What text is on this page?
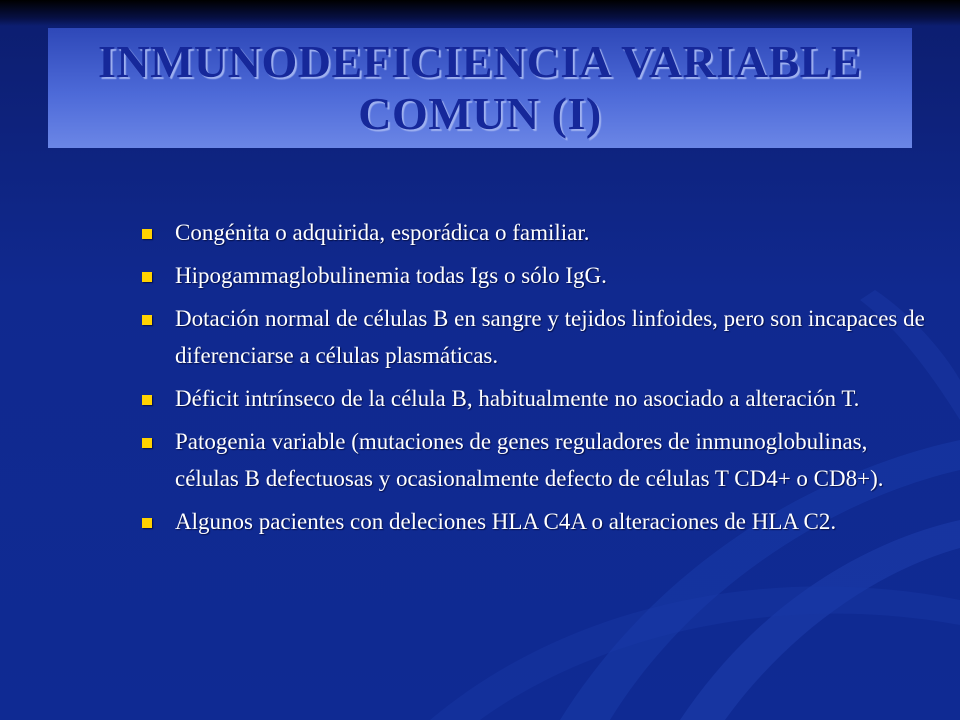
INMUNODEFICIENCIA VARIABLE COMUN (I)
Congénita o adquirida, esporádica o familiar.
Hipogammaglobulinemia todas Igs o sólo IgG.
Dotación normal de células B en sangre y tejidos linfoides, pero son incapaces de diferenciarse a células plasmáticas.
Déficit intrínseco de la célula B, habitualmente no asociado a alteración T.
Patogenia variable (mutaciones de genes reguladores de inmunoglobulinas, células B defectuosas y ocasionalmente defecto de células T CD4+ o CD8+).
Algunos pacientes con deleciones HLA C4A o alteraciones de HLA C2.
